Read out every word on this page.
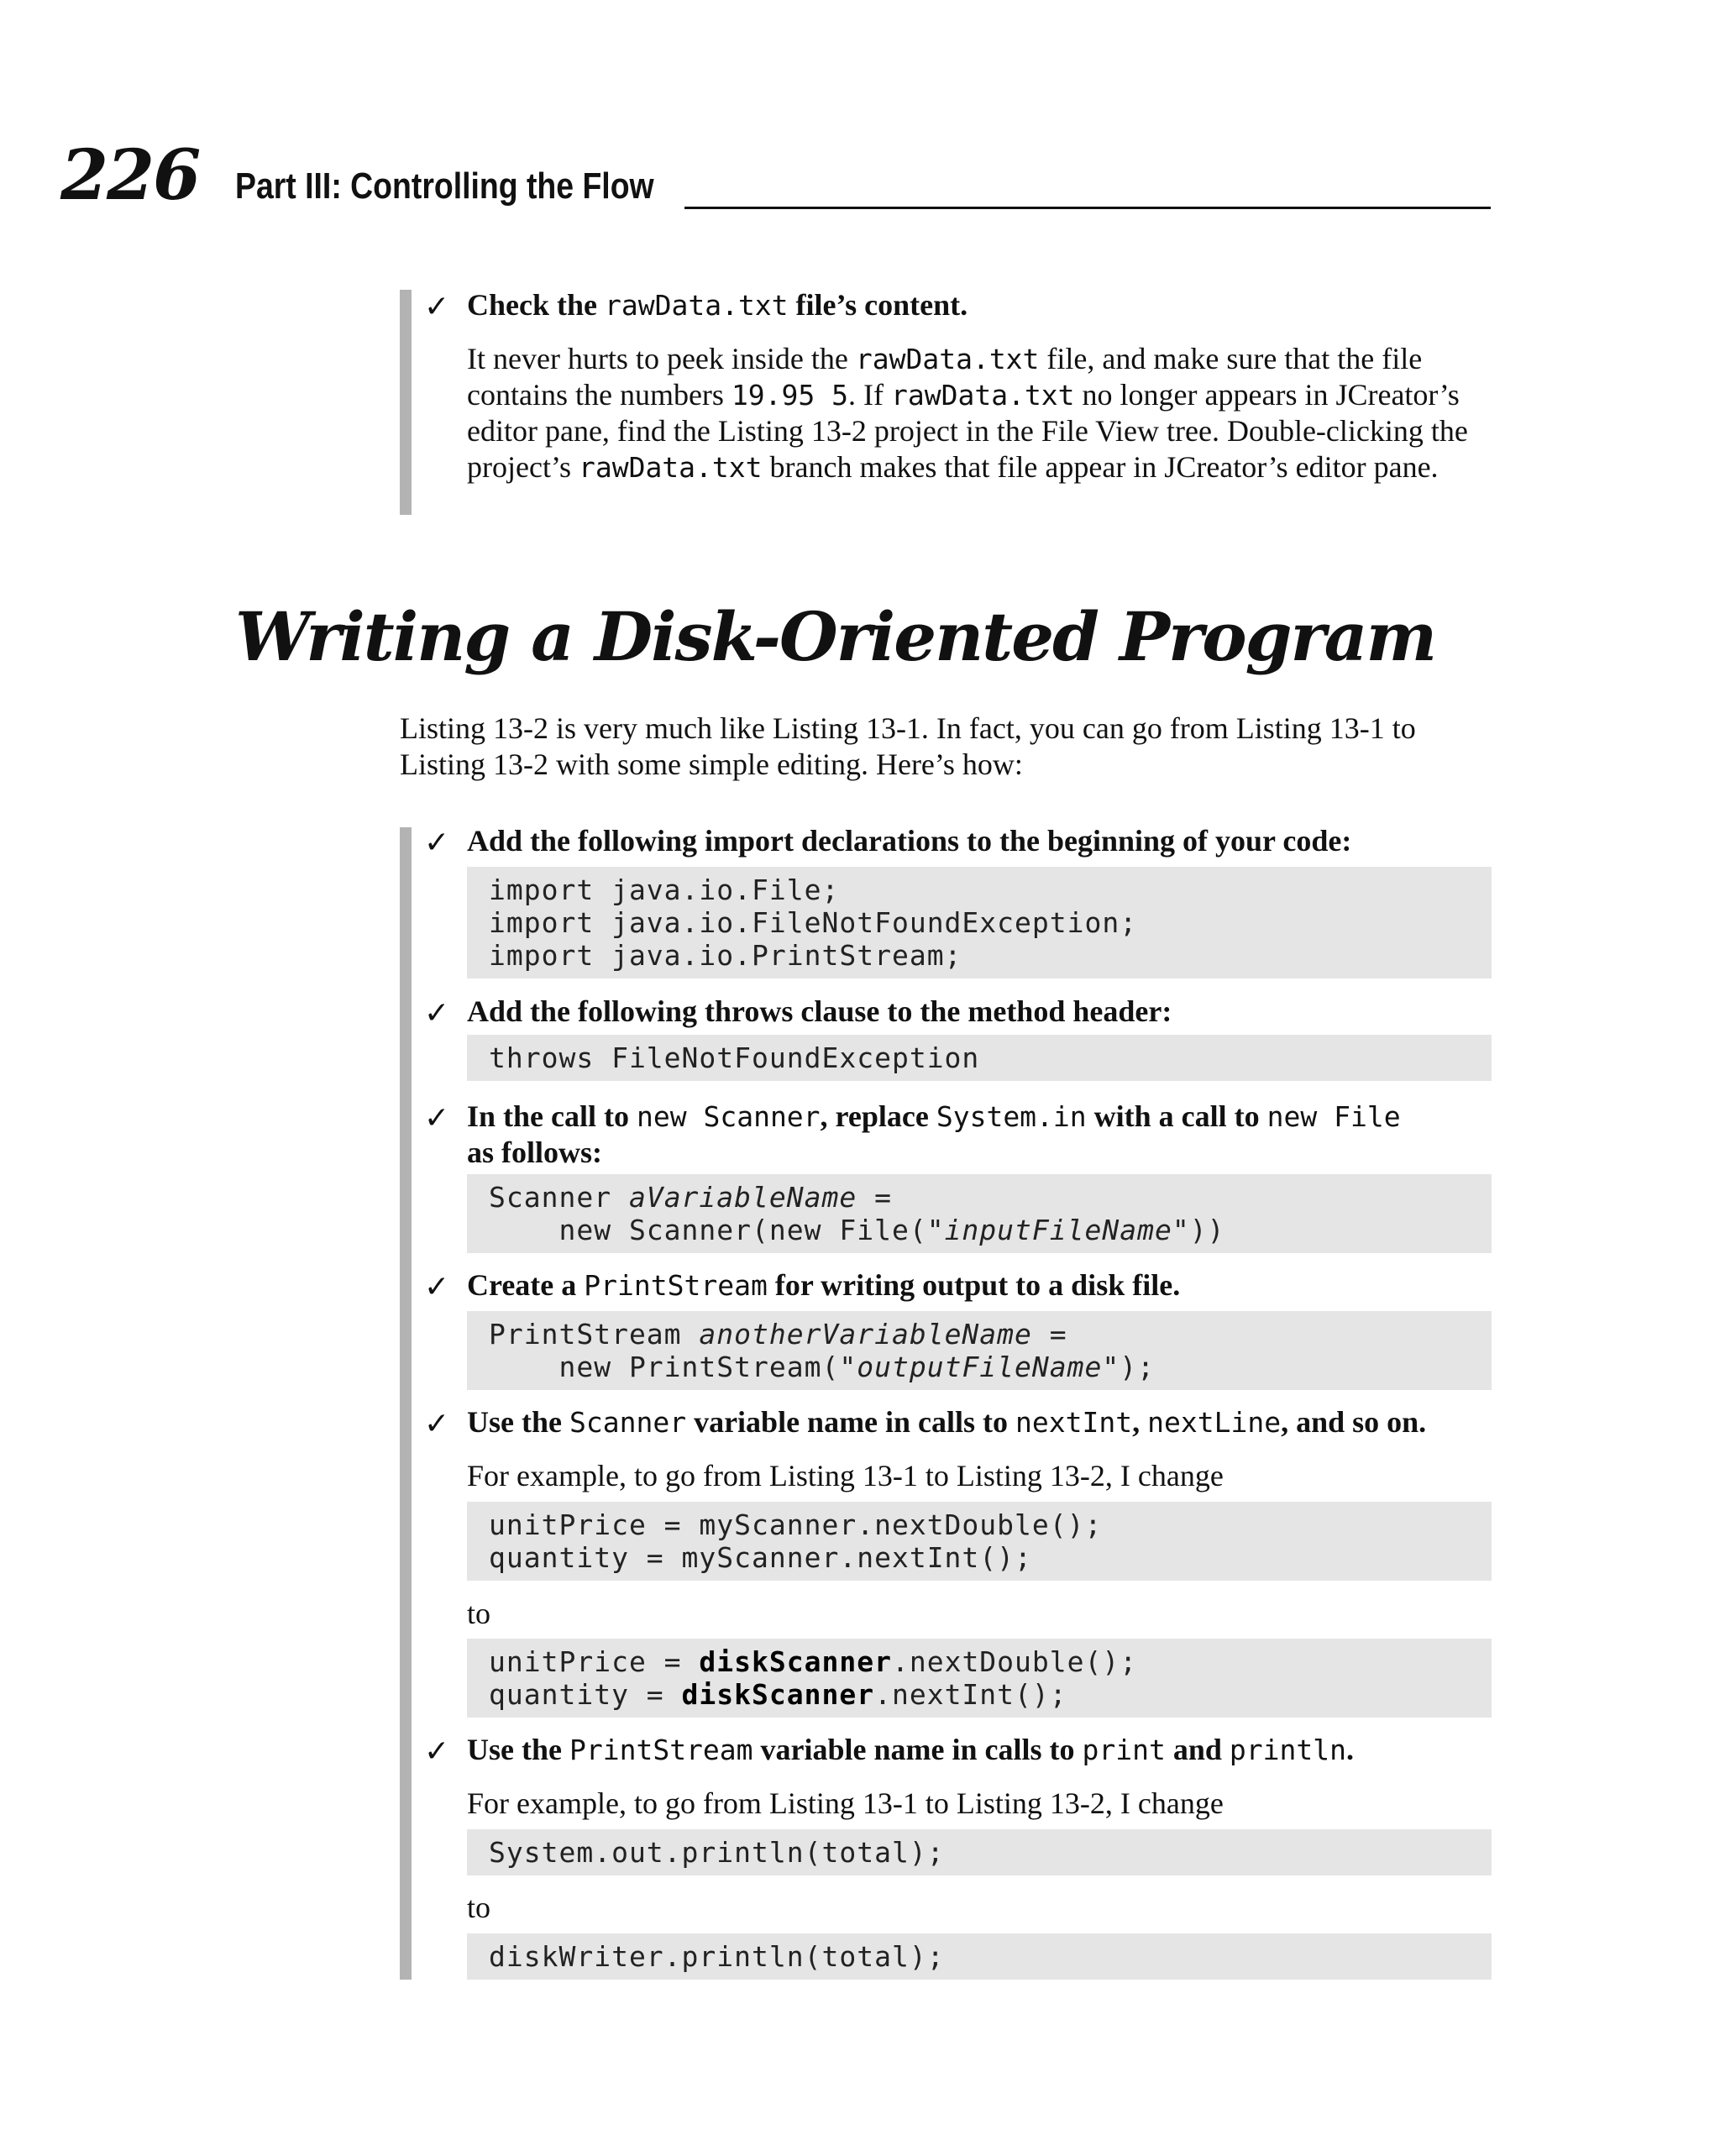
226 Part III: Controlling the Flow
✓ Check the rawData.txt file’s content.
It never hurts to peek inside the rawData.txt file, and make sure that the file contains the numbers 19.95 5. If rawData.txt no longer appears in JCreator’s editor pane, find the Listing 13-2 project in the File View tree. Double-clicking the project’s rawData.txt branch makes that file appear in JCreator’s editor pane.
Writing a Disk-Oriented Program
Listing 13-2 is very much like Listing 13-1. In fact, you can go from Listing 13-1 to Listing 13-2 with some simple editing. Here’s how:
✓ Add the following import declarations to the beginning of your code:
import java.io.File;
import java.io.FileNotFoundException;
import java.io.PrintStream;
✓ Add the following throws clause to the method header:
throws FileNotFoundException
✓ In the call to new Scanner, replace System.in with a call to new File
as follows:
Scanner aVariableName =
new Scanner(new File("inputFileName"))
✓ Create a PrintStream for writing output to a disk file.
PrintStream anotherVariableName =
new PrintStream("outputFileName");
✓ Use the Scanner variable name in calls to nextInt, nextLine, and so on.
For example, to go from Listing 13-1 to Listing 13-2, I change
unitPrice = myScanner.nextDouble();
quantity = myScanner.nextInt();
to
unitPrice = diskScanner.nextDouble();
quantity = diskScanner.nextInt();
✓ Use the PrintStream variable name in calls to print and println.
For example, to go from Listing 13-1 to Listing 13-2, I change
System.out.println(total);
to
diskWriter.println(total);
